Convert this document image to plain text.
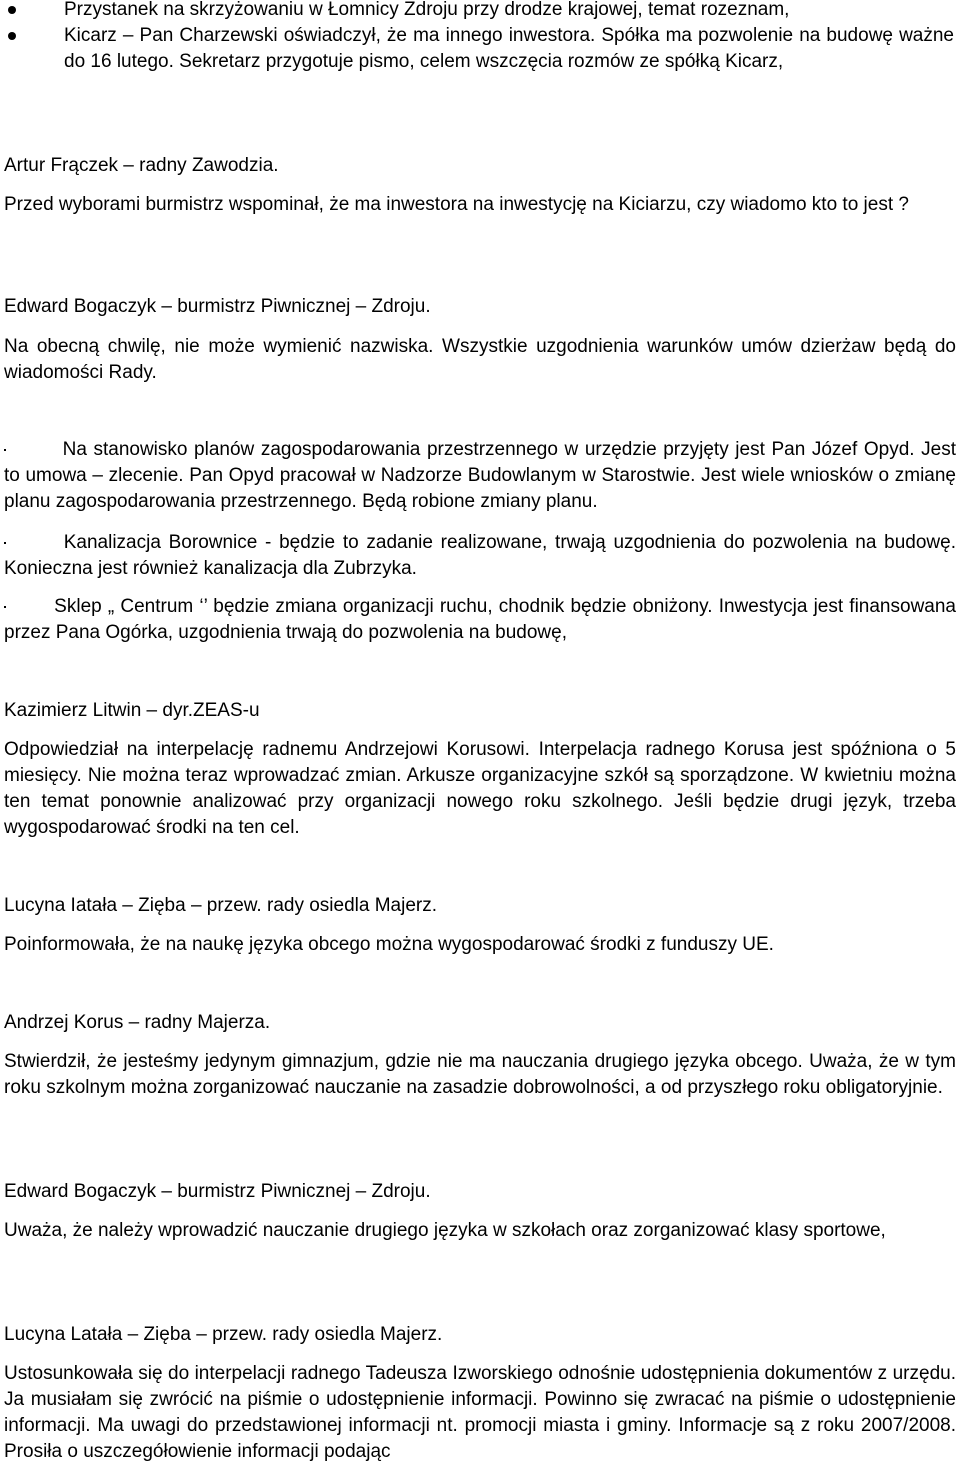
Przystanek na skrzyżowaniu w Łomnicy Zdroju przy drodze krajowej, temat rozeznam,
Kicarz – Pan Charzewski oświadczył, że ma innego inwestora. Spółka ma pozwolenie na budowę ważne do 16 lutego. Sekretarz przygotuje pismo, celem wszczęcia rozmów ze spółką Kicarz,

Artur Frączek – radny Zawodzia.

Przed wyborami burmistrz wspominał, że ma inwestora na inwestycję na Kiciarzu, czy wiadomo kto to jest ?

Edward Bogaczyk – burmistrz Piwnicznej – Zdroju.

Na obecną chwilę, nie może wymienić nazwiska. Wszystkie uzgodnienia warunków umów dzierżaw będą do wiadomości Rady.

Na stanowisko planów zagospodarowania przestrzennego w urzędzie przyjęty jest Pan Józef Opyd. Jest to umowa – zlecenie. Pan Opyd pracował w Nadzorze Budowlanym w Starostwie. Jest wiele wniosków o zmianę planu zagospodarowania przestrzennego. Będą robione zmiany planu.

Kanalizacja Borownice - będzie to zadanie realizowane, trwają uzgodnienia do pozwolenia na budowę. Konieczna jest również kanalizacja dla Zubrzyka.

Sklep „ Centrum ‘’ będzie zmiana organizacji ruchu, chodnik będzie obniżony. Inwestycja jest finansowana przez Pana Ogórka, uzgodnienia trwają do pozwolenia na budowę,

Kazimierz Litwin – dyr.ZEAS-u

Odpowiedział na interpelację radnemu Andrzejowi Korusowi. Interpelacja radnego Korusa jest spóźniona o 5 miesięcy. Nie można teraz wprowadzać zmian. Arkusze organizacyjne szkół są sporządzone. W kwietniu można ten temat ponownie analizować przy organizacji nowego roku szkolnego. Jeśli będzie drugi język, trzeba wygospodarować środki na ten cel.

Lucyna Iatała – Zięba – przew. rady osiedla Majerz.

Poinformowała, że na naukę języka obcego można wygospodarować środki z funduszy UE.

Andrzej Korus – radny Majerza.

Stwierdził, że jesteśmy jedynym gimnazjum, gdzie nie ma nauczania drugiego języka obcego. Uważa, że w tym roku szkolnym można zorganizować nauczanie na zasadzie dobrowolności, a od przyszłego roku obligatoryjnie.

Edward Bogaczyk – burmistrz Piwnicznej – Zdroju.

Uważa, że należy wprowadzić nauczanie drugiego języka w szkołach oraz zorganizować klasy sportowe,

Lucyna Latała – Zięba – przew. rady osiedla Majerz.

Ustosunkowała się do interpelacji radnego Tadeusza Izworskiego odnośnie udostępnienia dokumentów z urzędu. Ja musiałam się zwrócić na piśmie o udostępnienie informacji. Powinno się zwracać na piśmie o udostępnienie informacji. Ma uwagi do przedstawionej informacji nt. promocji miasta i gminy. Informacje są z roku 2007/2008. Prosiła o uszczegółowienie informacji podając
